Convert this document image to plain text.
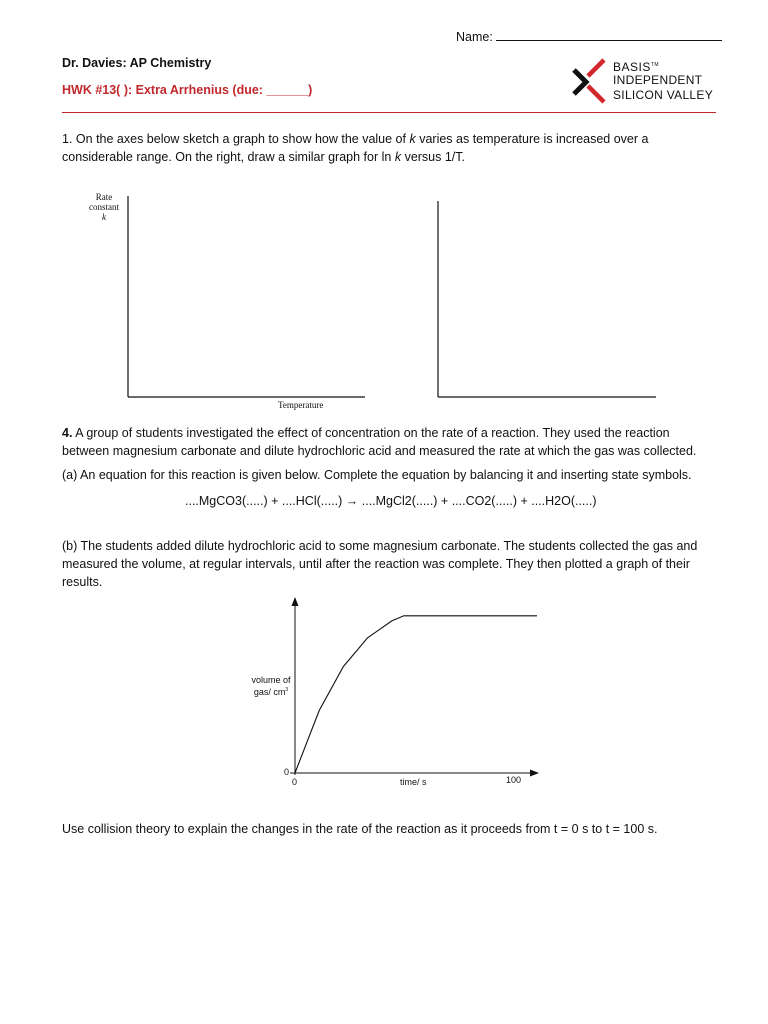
Name:
Dr. Davies: AP Chemistry
HWK #13( ): Extra Arrhenius (due: ______)
BASIS™
INDEPENDENT
SILICON VALLEY
1. On the axes below sketch a graph to show how the value of k varies as temperature is increased over a
considerable range. On the right, draw a similar graph for ln k versus 1/T.
Rate
constant
k
Temperature
4. A group of students investigated the effect of concentration on the rate of a reaction. They used the reaction
between magnesium carbonate and dilute hydrochloric acid and measured the rate at which the gas was collected.
(a) An equation for this reaction is given below. Complete the equation by balancing it and inserting state symbols.
....MgCO3(.....) + ....HCl(.....) → ....MgCl2(.....) + ....CO2(.....) + ....H2O(.....)
(b) The students added dilute hydrochloric acid to some magnesium carbonate. The students collected the gas and
measured the volume, at regular intervals, until after the reaction was complete. They then plotted a graph of their
results.
volume of
gas/ $cm^3$
0
0	100
time/ s
Use collision theory to explain the changes in the rate of the reaction as it proceeds from t = 0 s to t = 100 s.
